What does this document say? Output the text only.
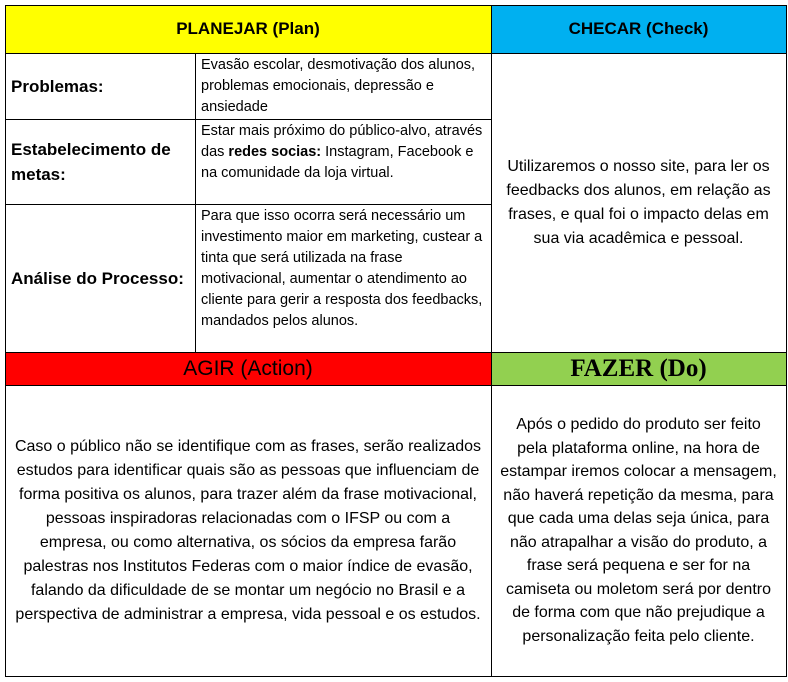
PLANEJAR (Plan)	CHECAR (Check)
Problemas:
Evasão escolar, desmotivação dos alunos, problemas emocionais, depressão e ansiedade
Estabelecimento de metas:
Estar mais próximo do público-alvo, através das redes socias: Instagram, Facebook e na comunidade da loja virtual.
Análise do Processo:
Para que isso ocorra será necessário um investimento maior em marketing, custear a tinta que será utilizada na frase motivacional, aumentar o atendimento ao cliente para gerir a resposta dos feedbacks, mandados pelos alunos.
Utilizaremos o nosso site, para ler os feedbacks dos alunos, em relação as frases, e qual foi o impacto delas em sua via acadêmica e pessoal.
AGIR (Action)	FAZER (Do)
Caso o público não se identifique com as frases, serão realizados estudos para identificar quais são as pessoas que influenciam de forma positiva os alunos, para trazer além da frase motivacional, pessoas inspiradoras relacionadas com o IFSP ou com a empresa, ou como alternativa, os sócios da empresa farão palestras nos Institutos Federas com o maior índice de evasão, falando da dificuldade de se montar um negócio no Brasil e a perspectiva de administrar a empresa, vida pessoal e os estudos.
Após o pedido do produto ser feito pela plataforma online, na hora de estampar iremos colocar a mensagem, não haverá repetição da mesma, para que cada uma delas seja única, para não atrapalhar a visão do produto, a frase será pequena e ser for na camiseta ou moletom será por dentro de forma com que não prejudique a personalização feita pelo cliente.
